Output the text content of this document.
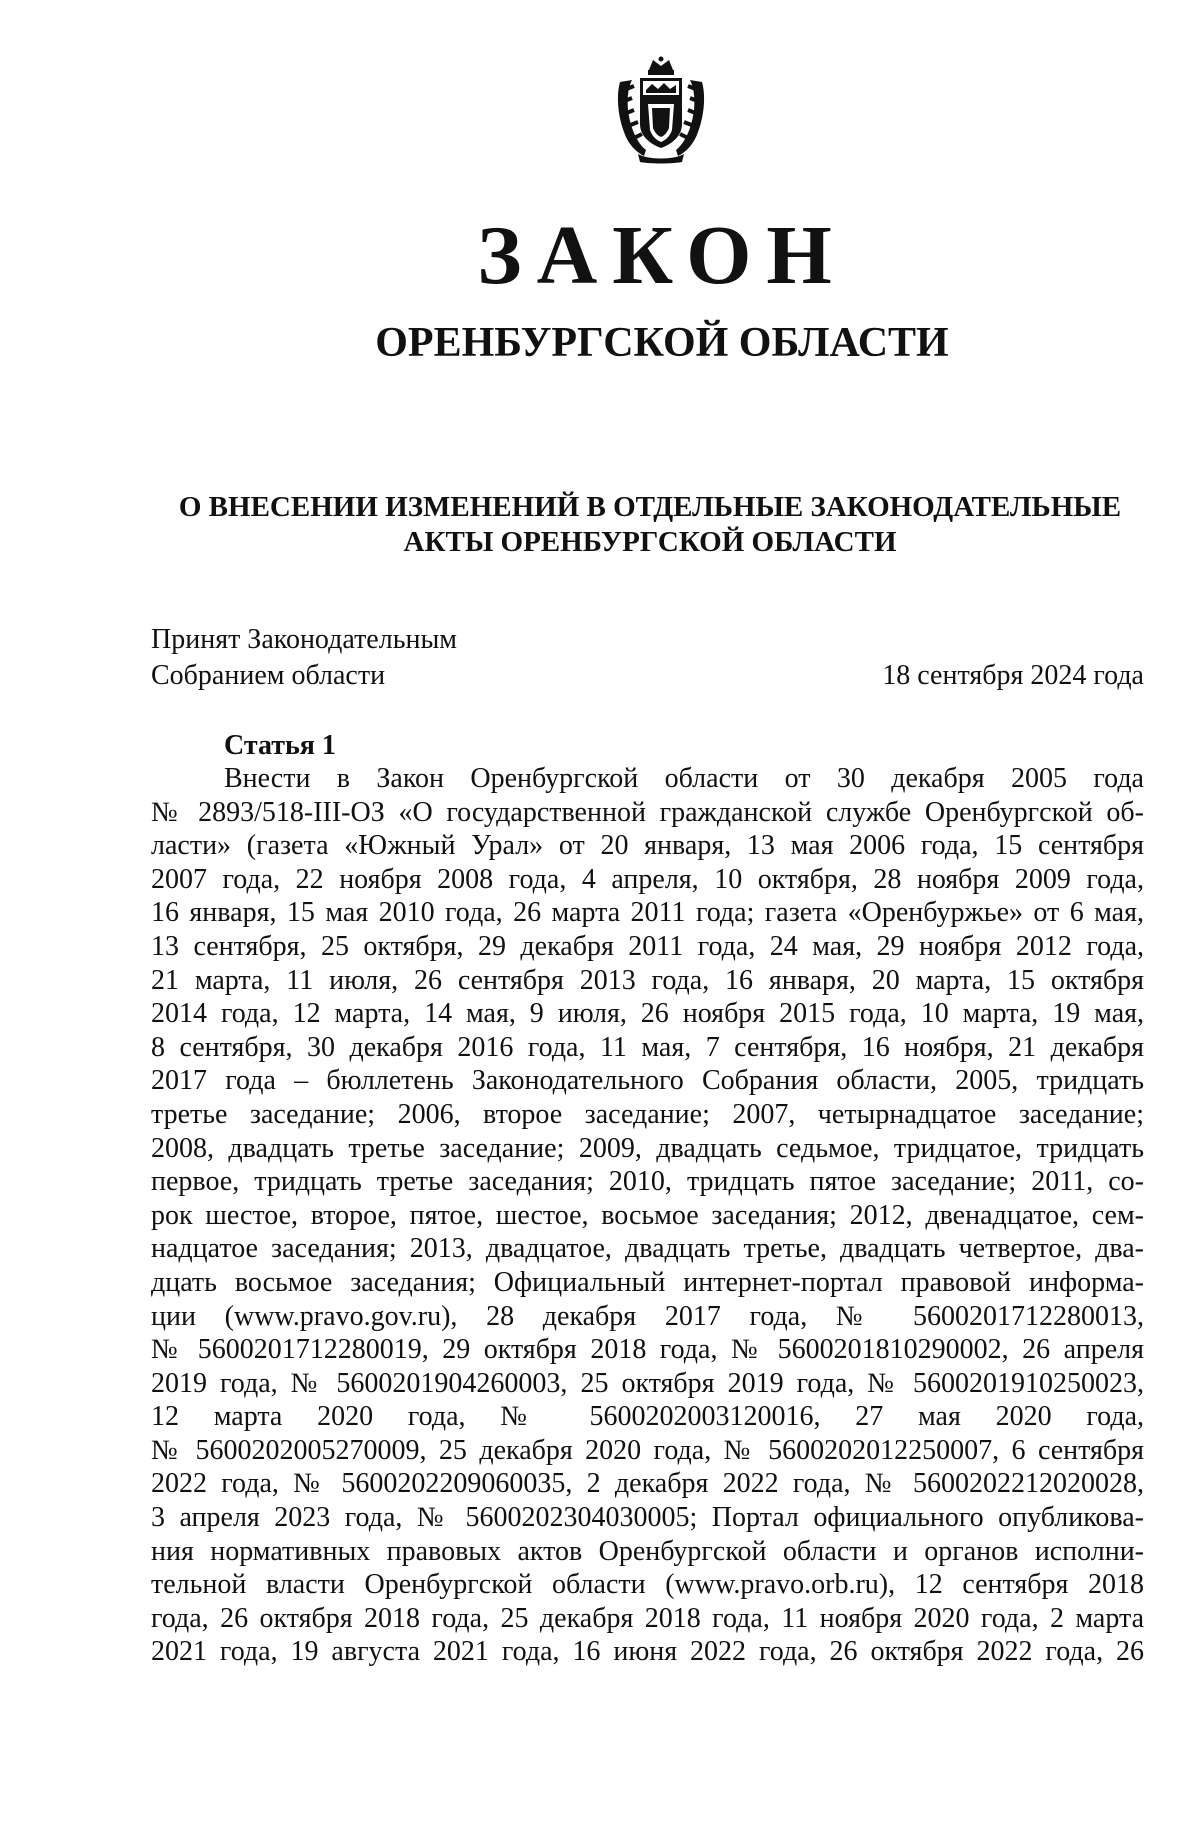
ЗАКОН
ОРЕНБУРГСКОЙ ОБЛАСТИ
О ВНЕСЕНИИ ИЗМЕНЕНИЙ В ОТДЕЛЬНЫЕ ЗАКОНОДАТЕЛЬНЫЕ
АКТЫ ОРЕНБУРГСКОЙ ОБЛАСТИ
Принят Законодательным
Собранием области	18 сентября 2024 года
Статья 1
Внести в Закон Оренбургской области от 30 декабря 2005 года
№ 2893/518-III-ОЗ «О государственной гражданской службе Оренбургской об-
ласти» (газета «Южный Урал» от 20 января, 13 мая 2006 года, 15 сентября
2007 года, 22 ноября 2008 года, 4 апреля, 10 октября, 28 ноября 2009 года,
16 января, 15 мая 2010 года, 26 марта 2011 года; газета «Оренбуржье» от 6 мая,
13 сентября, 25 октября, 29 декабря 2011 года, 24 мая, 29 ноября 2012 года,
21 марта, 11 июля, 26 сентября 2013 года, 16 января, 20 марта, 15 октября
2014 года, 12 марта, 14 мая, 9 июля, 26 ноября 2015 года, 10 марта, 19 мая,
8 сентября, 30 декабря 2016 года, 11 мая, 7 сентября, 16 ноября, 21 декабря
2017 года – бюллетень Законодательного Собрания области, 2005, тридцать
третье заседание; 2006, второе заседание; 2007, четырнадцатое заседание;
2008, двадцать третье заседание; 2009, двадцать седьмое, тридцатое, тридцать
первое, тридцать третье заседания; 2010, тридцать пятое заседание; 2011, со-
рок шестое, второе, пятое, шестое, восьмое заседания; 2012, двенадцатое, сем-
надцатое заседания; 2013, двадцатое, двадцать третье, двадцать четвертое, два-
дцать восьмое заседания; Официальный интернет-портал правовой информа-
ции (www.pravo.gov.ru), 28 декабря 2017 года, № 5600201712280013,
№ 5600201712280019, 29 октября 2018 года, № 5600201810290002, 26 апреля
2019 года, № 5600201904260003, 25 октября 2019 года, № 5600201910250023,
12 марта 2020 года, № 5600202003120016, 27 мая 2020 года,
№ 5600202005270009, 25 декабря 2020 года, № 5600202012250007, 6 сентября
2022 года, № 5600202209060035, 2 декабря 2022 года, № 5600202212020028,
3 апреля 2023 года, № 5600202304030005; Портал официального опубликова-
ния нормативных правовых актов Оренбургской области и органов исполни-
тельной власти Оренбургской области (www.pravo.orb.ru), 12 сентября 2018
года, 26 октября 2018 года, 25 декабря 2018 года, 11 ноября 2020 года, 2 марта
2021 года, 19 августа 2021 года, 16 июня 2022 года, 26 октября 2022 года, 26
